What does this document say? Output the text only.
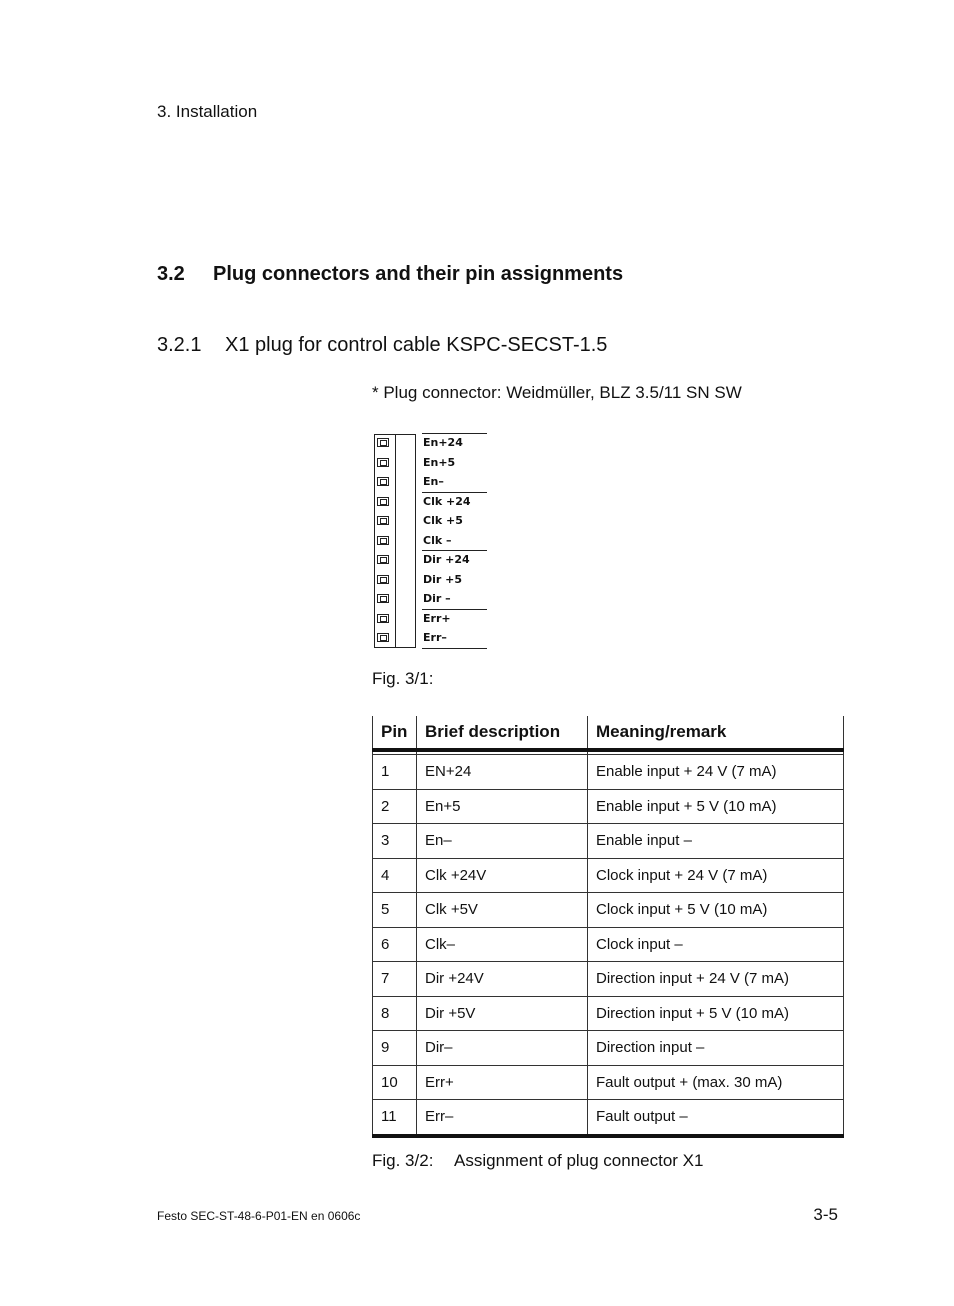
3. Installation
3.2 Plug connectors and their pin assignments
3.2.1 X1 plug for control cable KSPC-SECST-1.5
* Plug connector: Weidmüller, BLZ 3.5/11 SN SW
En+24
En+5
En–
Clk +24
Clk +5
Clk –
Dir +24
Dir +5
Dir –
Err+
Err–
Fig. 3/1:
Pin	Brief description	Meaning/remark

1	EN+24	Enable input + 24 V (7 mA)
2	En+5	Enable input + 5 V (10 mA)
3	En–	Enable input –
4	Clk +24V	Clock input + 24 V (7 mA)
5	Clk +5V	Clock input + 5 V (10 mA)
6	Clk–	Clock input –
7	Dir +24V	Direction input + 24 V (7 mA)
8	Dir +5V	Direction input + 5 V (10 mA)
9	Dir–	Direction input –
10	Err+	Fault output + (max. 30 mA)
11	Err–	Fault output –
Fig. 3/2: Assignment of plug connector X1
Festo SEC-ST-48-6-P01-EN en 0606c	3-5
